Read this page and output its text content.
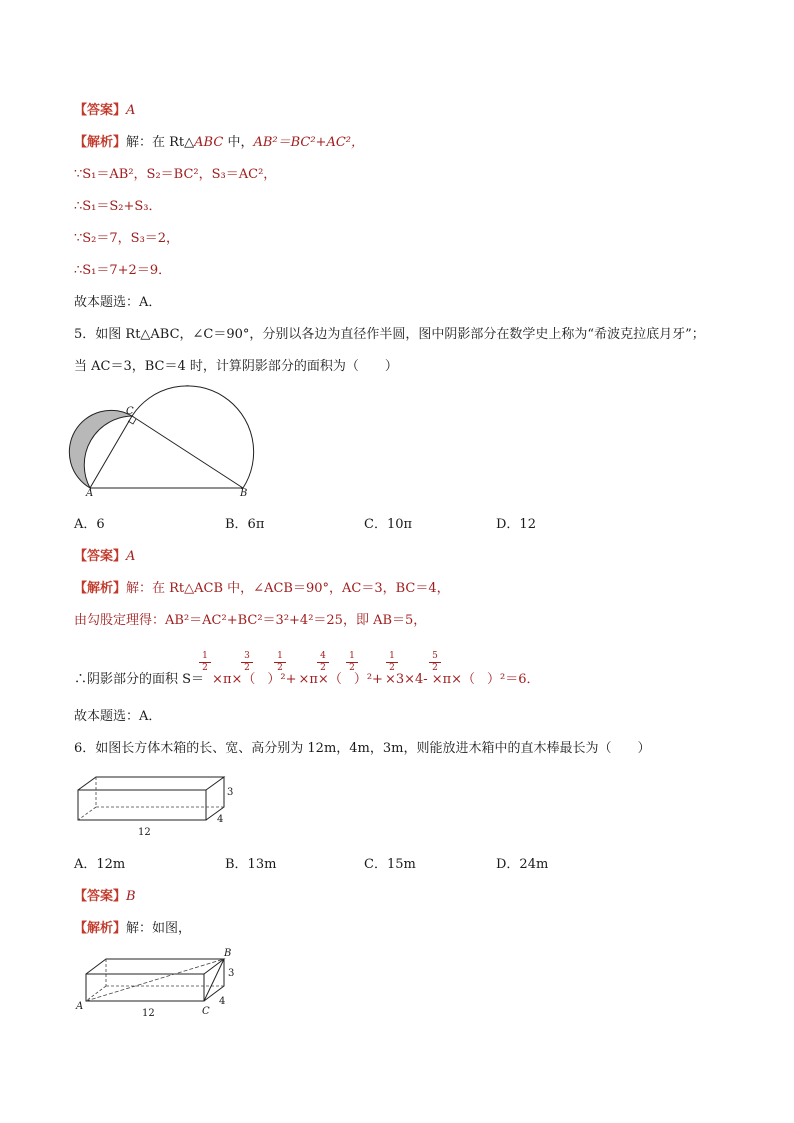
【答案】A
【解析】解：在 Rt△ABC 中，AB²＝BC²+AC²，
∵S₁＝AB²，S₂＝BC²，S₃＝AC²，
∴S₁＝S₂+S₃．
∵S₂＝7，S₃＝2，
∴S₁＝7+2＝9．
故本题选：A．
5．如图 Rt△ABC，∠C＝90°，分别以各边为直径作半圆，图中阴影部分在数学史上称为“希波克拉底月牙”；
当 AC＝3，BC＝4 时，计算阴影部分的面积为（　　）
A	B
C
A．6	B．6π	C．10π	D．12
【答案】A
【解析】解：在 Rt△ACB 中，∠ACB＝90°，AC＝3，BC＝4，
由勾股定理得：AB²＝AC²+BC²＝3²+4²＝25，即 AB＝5，
∴阴影部分的面积 S＝ ×π×（ ）²+ ×π×（ ）²+ ×3×4- ×π×（ ）²＝6．
$\frac{1}{2}$	$\frac{3}{2} \frac{1}{2}$	$\frac{4}{2} \frac{1}{2}$	$\frac{1}{2}$	$\frac{5}{2}$
故本题选：A．
6．如图长方体木箱的长、宽、高分别为 12m，4m，3m，则能放进木箱中的直木棒最长为（　　）
3
4
12
A．12m	B．13m	C．15m	D．24m
【答案】B
【解析】解：如图，
A
B
C
3
4
12
